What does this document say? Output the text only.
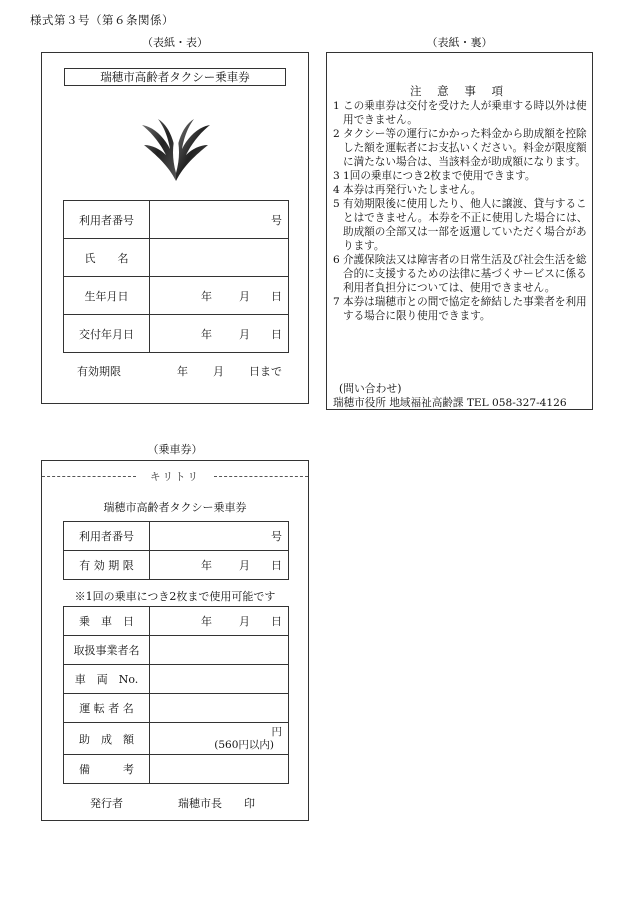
様式第３号（第６条関係）
（表紙・表）
瑞穂市高齢者タクシー乗車券
利用者番号	号
氏　　名	
生年月日	年 月 日

交付年月日	年 月 日
有効期限	年	月	日まで
（表紙・裏）
注 意 事 項
1 この乗車券は交付を受けた人が乗車する時以外は使用できません。
2 タクシー等の運行にかかった料金から助成額を控除した額を運転者にお支払いください。料金が限度額に満たない場合は、当該料金が助成額になります。
3 1回の乗車につき2枚まで使用できます。
4 本券は再発行いたしません。
5 有効期限後に使用したり、他人に譲渡、貸与することはできません。本券を不正に使用した場合には、助成額の全部又は一部を返還していただく場合があります。
6 介護保険法又は障害者の日常生活及び社会生活を総合的に支援するための法律に基づくサービスに係る利用者負担分については、使用できません。
7 本券は瑞穂市との間で協定を締結した事業者を利用する場合に限り使用できます。
(問い合わせ)
瑞穂市役所 地域福祉高齢課 TEL 058-327-4126
（乗車券）
キリトリ
瑞穂市高齢者タクシー乗車券
利用者番号	号
有 効 期 限	年 月 日
※1回の乗車につき2枚まで使用可能です
乗　車　日	年 月 日

取扱事業者名	
車　両　No.	
運 転 者 名	
助　成　額	円
(560円以内)

備　　　考	
発行者	瑞穂市長	印
